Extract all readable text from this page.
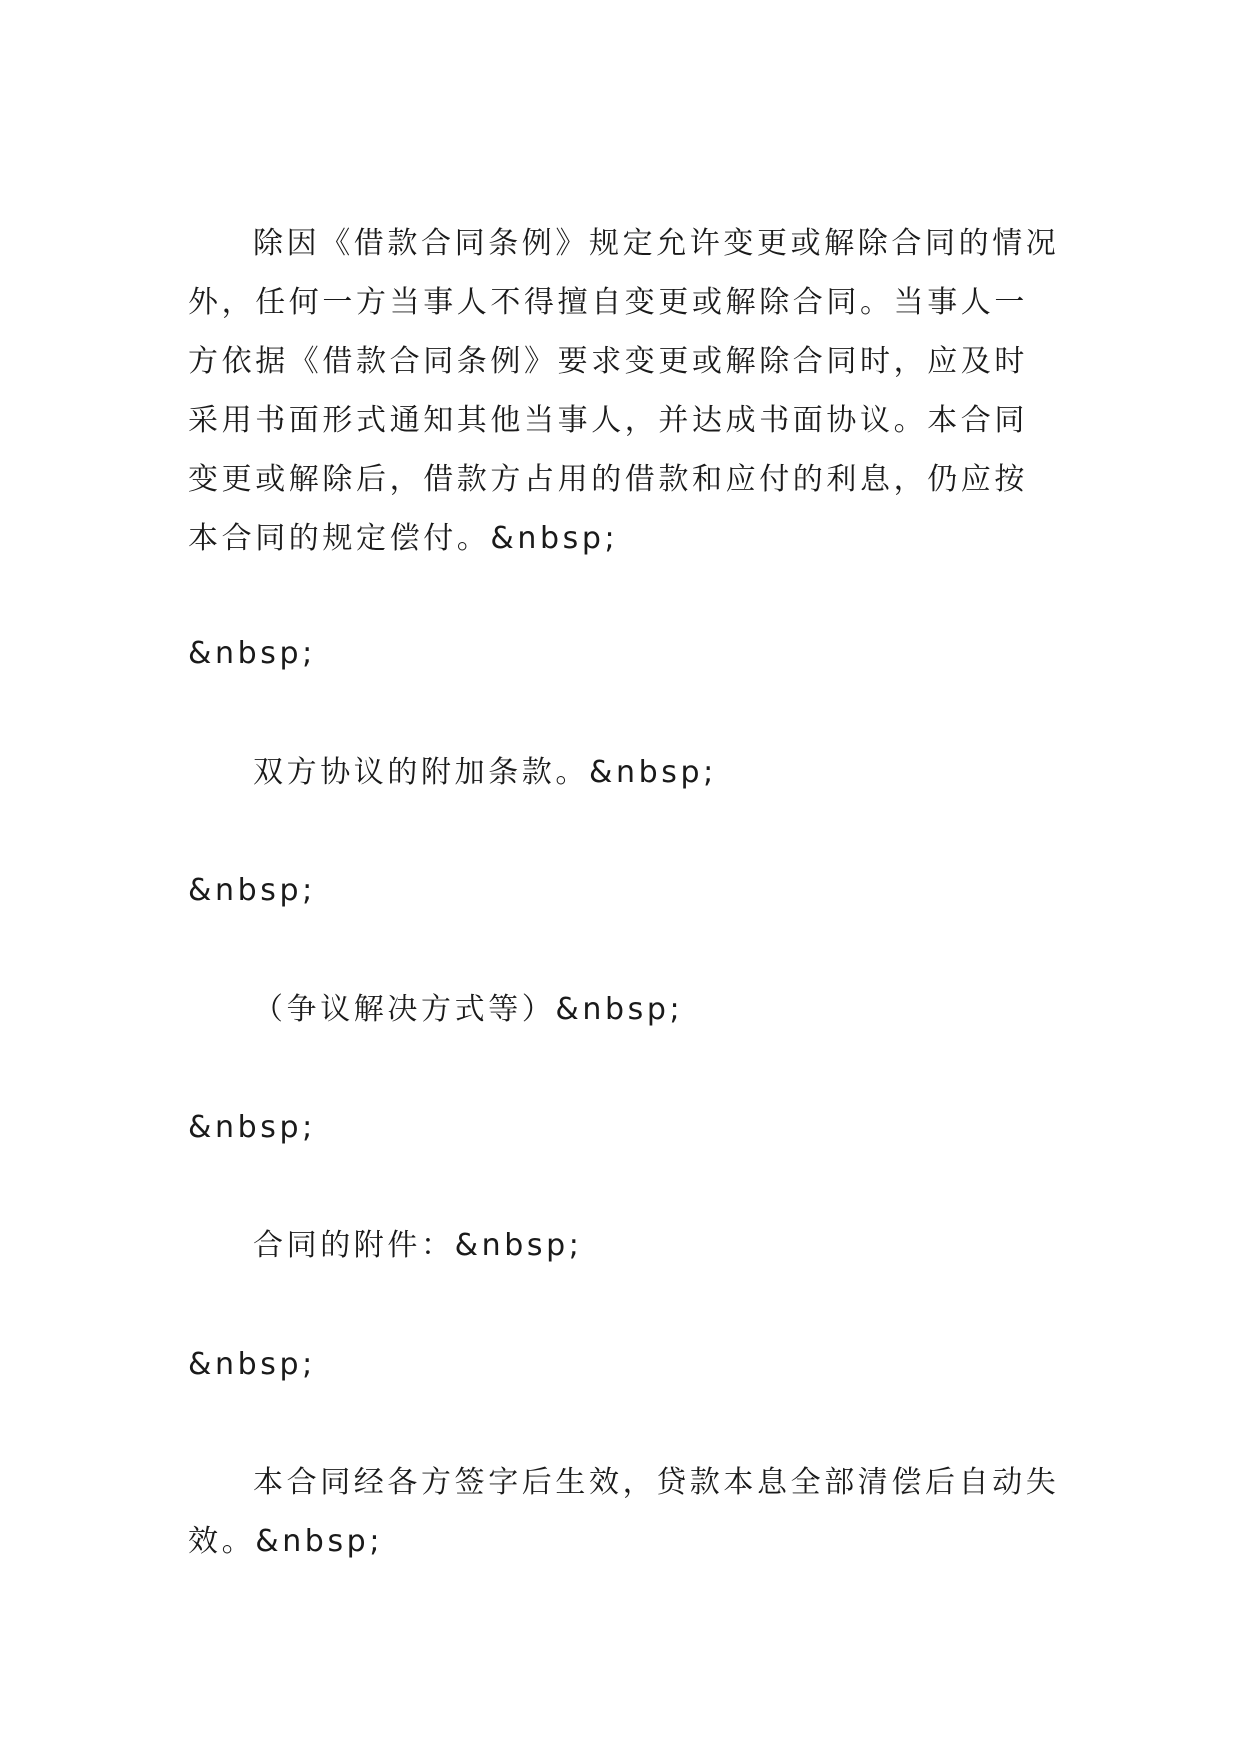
除因《借款合同条例》规定允许变更或解除合同的情况外，任何一方当事人不得擅自变更或解除合同。当事人一方依据《借款合同条例》要求变更或解除合同时，应及时采用书面形式通知其他当事人，并达成书面协议。本合同变更或解除后，借款方占用的借款和应付的利息，仍应按本合同的规定偿付。&nbsp;

&nbsp;

双方协议的附加条款。&nbsp;

&nbsp;

（争议解决方式等）&nbsp;

&nbsp;

合同的附件：&nbsp;

&nbsp;

本合同经各方签字后生效，贷款本息全部清偿后自动失效。&nbsp;
